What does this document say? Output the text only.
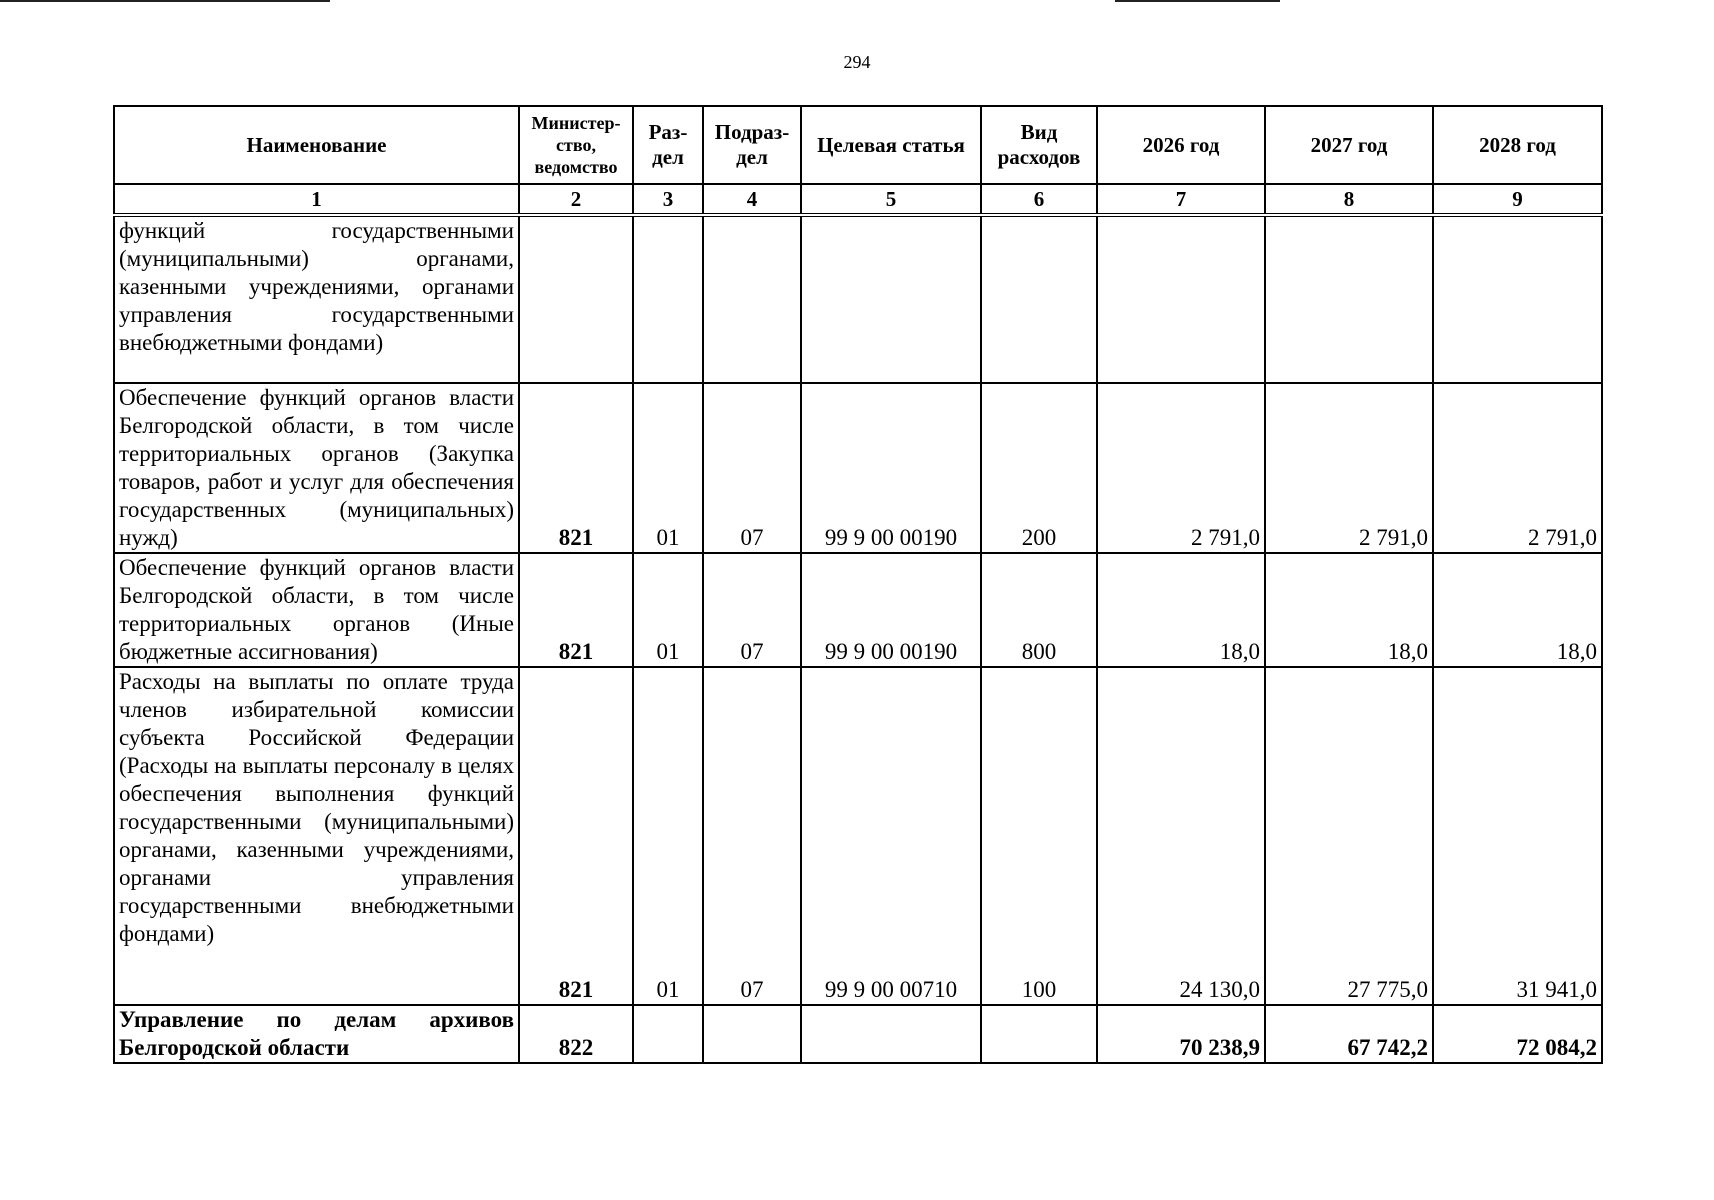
294
Наименование	Министер-ство, ведомство	Раз-дел	Подраз-дел	Целевая статья	Вид расходов	2026 год	2027 год	2028 год
1	2	3	4	5	6	7	8	9
функций государственными (муниципальными) органами, казенными учреждениями, органами управления государственными внебюджетными фондами)								
Обеспечение функций органов власти Белгородской области, в том числе территориальных органов (Закупка товаров, работ и услуг для обеспечения государственных (муниципальных) нужд)	821	01	07	99 9 00 00190	200	2 791,0	2 791,0	2 791,0
Обеспечение функций органов власти Белгородской области, в том числе территориальных органов (Иные бюджетные ассигнования)	821	01	07	99 9 00 00190	800	18,0	18,0	18,0
Расходы на выплаты по оплате труда членов избирательной комиссии субъекта Российской Федерации (Расходы на выплаты персоналу в целях обеспечения выполнения функций государственными (муниципальными) органами, казенными учреждениями, органами управления государственными внебюджетными фондами)	821	01	07	99 9 00 00710	100	24 130,0	27 775,0	31 941,0
Управление по делам архивов Белгородской области	822					70 238,9	67 742,2	72 084,2
